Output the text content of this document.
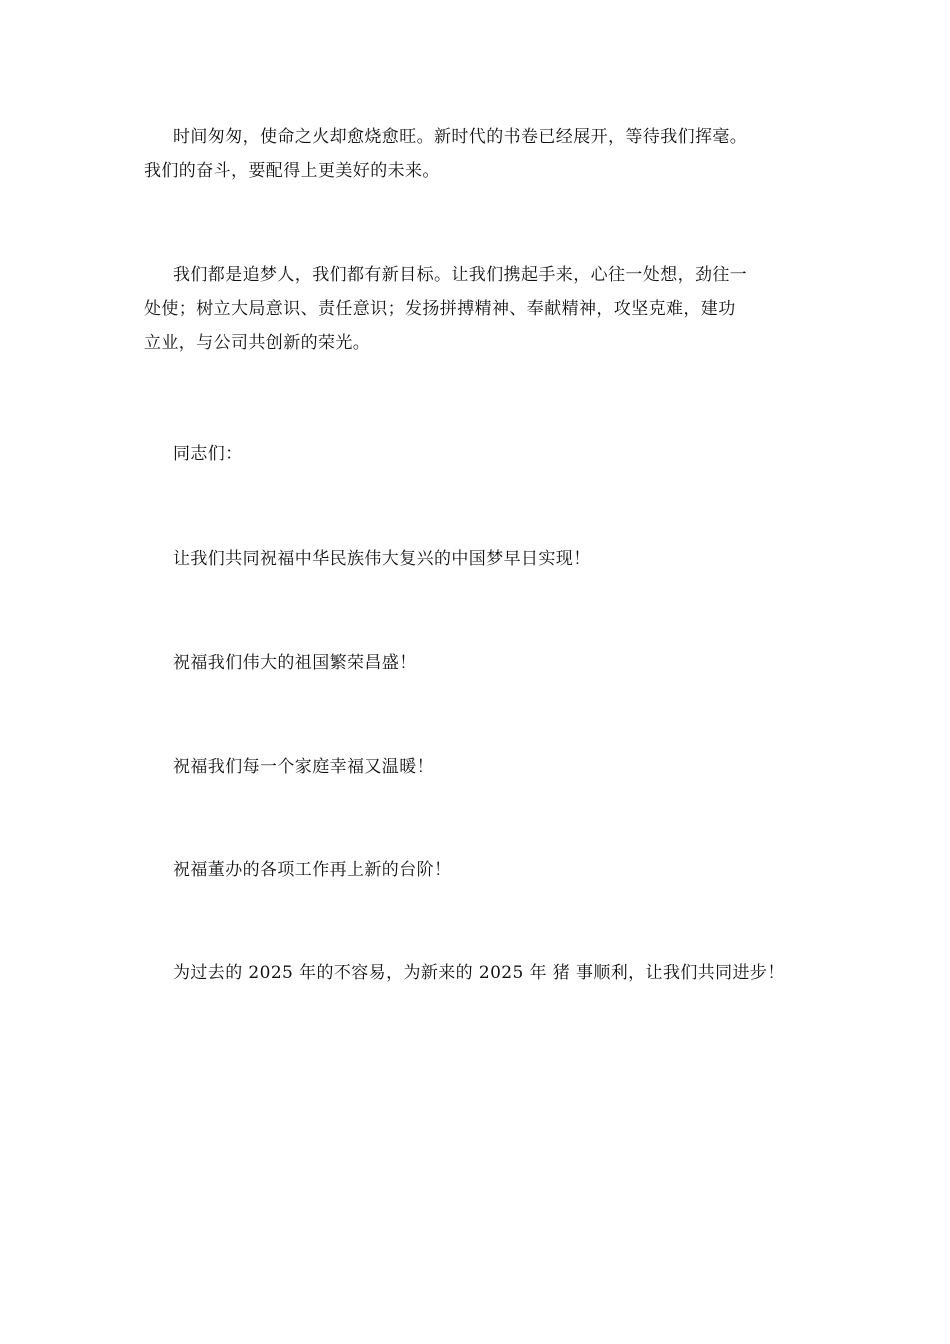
时间匆匆，使命之火却愈烧愈旺。新时代的书卷已经展开，等待我们挥毫。
我们的奋斗，要配得上更美好的未来。

我们都是追梦人，我们都有新目标。让我们携起手来，心往一处想，劲往一
处使；树立大局意识、责任意识；发扬拼搏精神、奉献精神，攻坚克难，建功
立业，与公司共创新的荣光。

同志们：

让我们共同祝福中华民族伟大复兴的中国梦早日实现！

祝福我们伟大的祖国繁荣昌盛！

祝福我们每一个家庭幸福又温暖！

祝福董办的各项工作再上新的台阶！

为过去的 2025 年的不容易，为新来的 2025 年 猪 事顺利，让我们共同进步！
